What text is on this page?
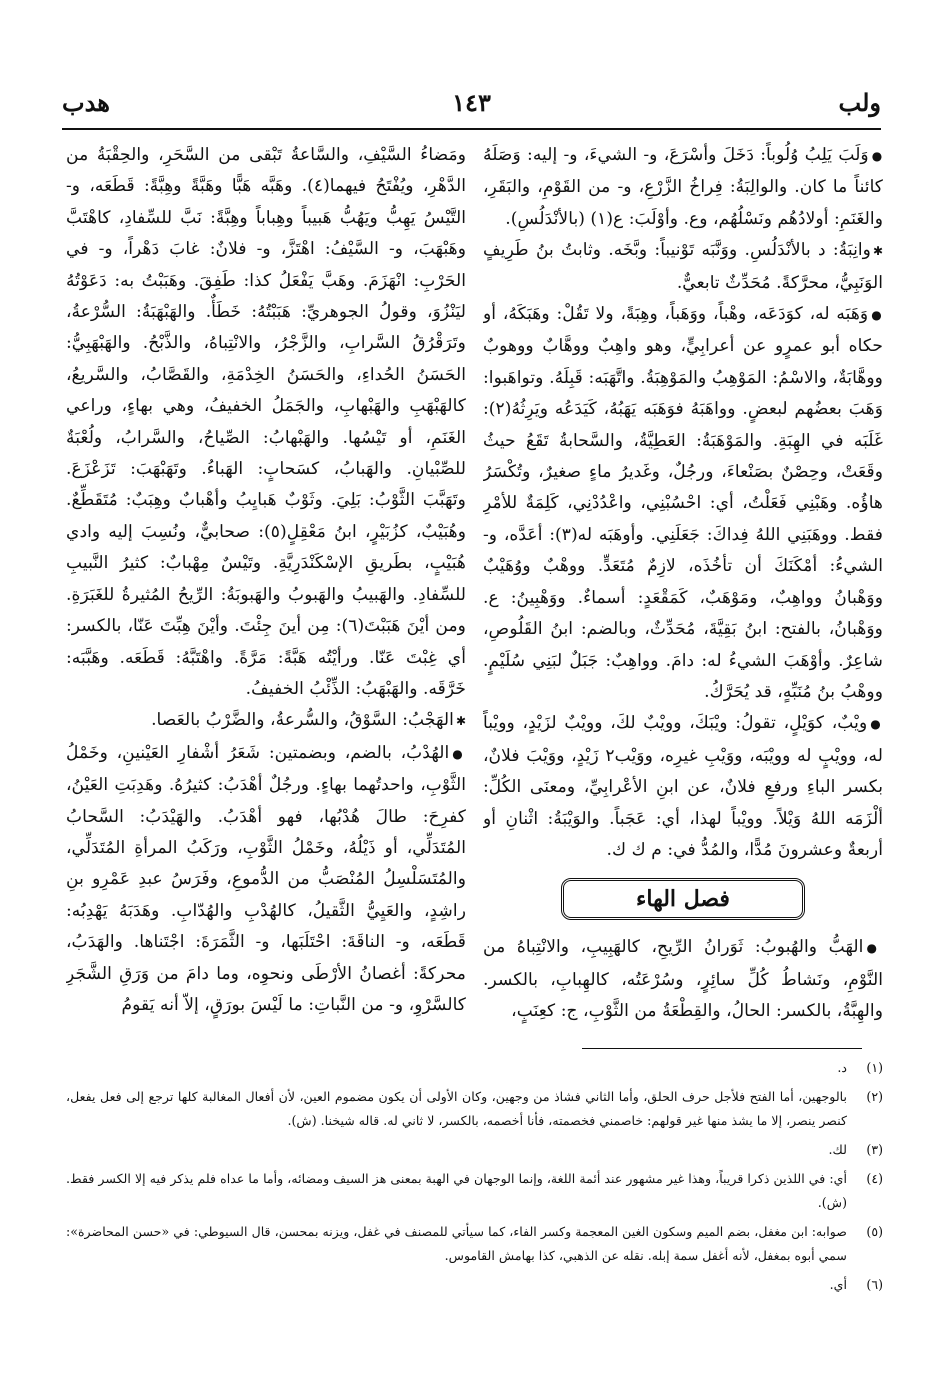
ولب
١٤٣
هدب

● وَلَبَ يَلِبُ وُلُوباً: دَخَلَ وأسْرَعَ، و- الشيءَ، و- إليه: وَصَلَهُ كائناً ما كان. والوالِبَةُ: فِراخُ الزَّرْعِ، و- من القَوْمِ، والبَقَرِ، والغَنَمِ: أولادُهُم ونَسْلُهُم، وع. وأوْلَبَ: ع(١) (بالأنْدَلُسِ).

✱ وانِبَةُ: د بالأنْدَلُسِ. ووَنَّبَه تَوْنيباً: وبَّخَه. وثابتُ بنُ طَرِيفٍ الوَنَبِيُّ، محرَّكةً. مُحَدِّثٌ تابعيٌّ.

● وَهَبَه له، كوَدَعَه، وهْباً، ووَهَباً، وهِبَةً، ولا تَقُلْ: وهَبَكَهُ، أو حكاه أبو عمرٍو عن أعرابِيٍّ، وهو واهِبٌ ووهَّابٌ ووهوبٌ ووهَّابَةٌ، والاسْمُ: المَوْهِبُ والمَوْهِبَةُ. واتَّهَبَه: قَبِلَهُ. وتواهَبوا: وَهَبَ بعضُهم لبعضٍ. وواهَبَهُ فوَهَبَه يَهَبُهُ، كَيَدَعُه ويَرِثُهُ(٢): غَلَبَه في الهِبَةِ. والمَوْهَبَةُ: العَطِيَّةُ، والسَّحابةُ تَقَعُ حيثُ وقَعَتْ، وحِصْنٌ بصَنْعاءَ، ورجُلٌ، وغَديرُ ماءٍ صغيرٌ، وتُكْسَرُ هاؤُه. وهَبْنِي فَعَلْتُ، أي: احْسُبْنِي، واعْدُدْنِي، كَلِمَةٌ للأمْرِ فقط. ووهَبَنِي اللهُ فِداكَ: جَعَلَنِي. وأوهَبَه له(٣): أعَدَّه، و- الشيءُ: أمْكَنَكَ أن تأخُذَه، لازِمٌ مُتَعَدٍّ. ووهْبٌ ووُهَيْبٌ ووَهْبانُ وواهِبٌ، ومَوْهَبٌ، كَمَقْعَدٍ: أسماءٌ. ووَهْبِينُ: ع. ووَهْبانُ، بالفتح: ابنُ بَقِيَّةَ، مُحَدِّثٌ، وبالضم: ابنُ القَلُوصِ، شاعِرٌ. وأوْهَبَ الشيءُ له: دامَ. وواهِبٌ: جَبَلٌ لبَنِي سُلَيْمٍ. ووهْبُ بنُ مُنَبِّهٍ، قد يُحَرَّكُ.

● ويْبٌ، كوَيْلٍ، تقولُ: ويْبَكَ، وويْبٌ لكَ، وويْبٌ لزَيْدٍ، وويْباً له، وويْبٍ له وويْبَه، ووَيْبِ غيرِه، ووَيْب٢ زَيْدٍ، ووَيْبَ فلانٌ، بكسر الباءِ ورفعِ فلانٌ، عن ابنِ الأعْرابِيِّ، ومعنَى الكُلِّ: ألْزَمَه اللهُ وَيْلاً. وويْباً لهذا، أي: عَجَباً. والوَيْبَةُ: اثْنانِ أو أربعةٌ وعشرونَ مُدًّا، والمُدُّ في: م ك ك.

فصل الهاء

● الهَبُّ والهُبوبُ: ثَوَرانُ الرِّيحِ، كالهَبِيبِ، والانْتِباهُ من النَّوْمِ، ونَشاطُ كُلِّ سائِرٍ، وسُرْعَتُه، كالهِبابِ، بالكسر. والهِبَّةُ، بالكسر: الحالُ، والقِطْعَةُ من الثَّوْبِ، ج: كعِنَبٍ،

ومَضاءُ السَّيْفِ، والسَّاعةُ تَبْقى من السَّحَرِ، والحِقْبَةُ من الدَّهْرِ، ويُفْتَحُ فيهما(٤). وهَبَّه هَبًّا وهَبَّةً وهِبَّةً: قَطَعَه، و- التَّيْسُ يَهِبُّ ويَهُبُّ هَبيباً وهِباباً وهِبَّةً: نَبَّ للسِّفادِ، كاهْتَبَّ وهَبْهَبَ، و- السَّيْفُ: اهْتَزَّ، و- فلانٌ: غابَ دَهْراً، و- في الحَرْبِ: انْهَزَمَ. وهَبَّ يَفْعَلُ كذا: طَفِقَ. وهَبَبْتُ به: دَعَوْتُهُ ليَنْزُوَ، وقولُ الجوهريِّ: هَبَبْتُهُ: خَطَأٌ. والهَبْهَبَةُ: السُّرْعةُ، وتَرَقْرُقُ السَّرابِ، والزَّجْرُ، والانْتِباهُ، والذَّبْحُ. والهَبْهَبِيُّ: الحَسَنُ الحُداءِ، والحَسَنُ الخِدْمَةِ، والقَصَّابُ، والسَّريعُ، كالهَبْهَبِ والهَبْهابِ، والجَمَلُ الخفيفُ، وهي بهاءٍ، وراعي الغَنَمِ، أو تَيْسُها. والهَبْهابُ: الصِّياحُ، والسَّرابُ، ولُعْبَةٌ للصِّبْيانِ. والهَبابُ، كسَحابٍ: الهَباءُ. وتَهَبْهَبَ: تَزَعْزَعَ. وتَهَبَّبَ الثَّوْبُ: بَلِيَ. وثَوْبٌ هَبايِبُ وأهْبابٌ وهِبَبٌ: مُتَقَطِّعٌ. وهُبَيْبٌ، كزُبَيْرٍ، ابنُ مَعْقِلٍ(٥): صحابيٌّ، ونُسِبَ إليه وادي هُبَيْبٍ، بطَريقِ الإسْكَنْدَرِيَّةِ. وتَيْسٌ مِهْبابٌ: كثيرُ النَّبيبِ للسِّفادِ. والهَبيبُ والهَبوبُ والهَبوبَةُ: الرِّيحُ المُثيرةُ للغَبَرَةِ. ومن أيْنَ هَبَبْتَ(٦): مِن أينَ جِئْتَ. وأيْنَ هِبِّتَ عَنّا، بالكسر: أي غِبْتَ عَنّا. ورأيْتُه هَبَّةً: مَرَّةً. واهْتَبَّهُ: قَطَعَه. وهَبَّبَه: خَرَّقَه. والهَبْهَبُ: الذِّئْبُ الخفيفُ.

✱ الهَجْبُ: السَّوْقُ، والسُّرعةُ، والضَّرْبُ بالعَصا.

● الهُدْبُ، بالضم، وبضمتين: شَعَرُ أشْفارِ العَيْنينِ، وخَمْلُ الثَّوْبِ، واحدتُهما بهاءٍ. ورجُلٌ أهْدَبُ: كثيرُهُ. وهَدِبَتِ العَيْنُ، كفرِحَ: طالَ هُدْبُها، فهو أهْدَبُ. والهَيْدَبُ: السَّحابُ المُتَدَلِّي، أو ذَيْلُهُ، وخَمْلُ الثَّوْبِ، ورَكَبُ المرأةِ المُتَدَلِّي، والمُتَسَلْسِلُ المُنْصَبُّ من الدُّموعِ، وفَرَسُ عبدِ عَمْرِو بنِ راشِدٍ، والعَيِيُّ الثَّقيلُ، كالهُدْبِ والهُدّابِ. وهَدَبَهُ يَهْدِبُه: قَطَعَه، و- الناقَةَ: احْتَلَبَها، و- الثَّمَرَةَ: اجْتَناها. والهَدَبُ، محركةً: أغصانُ الأرْطَى ونحوِه، وما دامَ من وَرَقِ الشَّجَرِ كالسَّرْوِ، و- من النَّباتِ: ما لَيْسَ بورَقٍ، إلاّ أنه يَقومُ

(١)
د.
(٢)
بالوجهين، أما الفتح فلأجل حرف الحلق، وأما الثاني فشاذ من وجهين، وكان الأولى أن يكون مضموم العين، لأن أفعال المغالبة كلها ترجع إلى فعل يفعل، كنصر ينصر، إلا ما يشذ منها غير قولهم: خاصمني فخصمته، فأنا أخصمه، بالكسر، لا ثاني له. قاله شيخنا. (ش).
(٣)
لك.
(٤)
أي: في اللذين ذكرا قريباً، وهذا غير مشهور عند أئمة اللغة، وإنما الوجهان في الهبة بمعنى هز السيف ومضائه، وأما ما عداه فلم يذكر فيه إلا الكسر فقط. (ش).
(٥)
صوابه: ابن مغفل، بضم الميم وسكون الغين المعجمة وكسر الفاء، كما سيأتي للمصنف في غفل، ويزنه بمحسن، قال السيوطي: في «حسن المحاضرة»: سمي أبوه بمغفل، لأنه أغفل سمة إبله. نقله عن الذهبي، كذا بهامش القاموس.
(٦)
أي.
